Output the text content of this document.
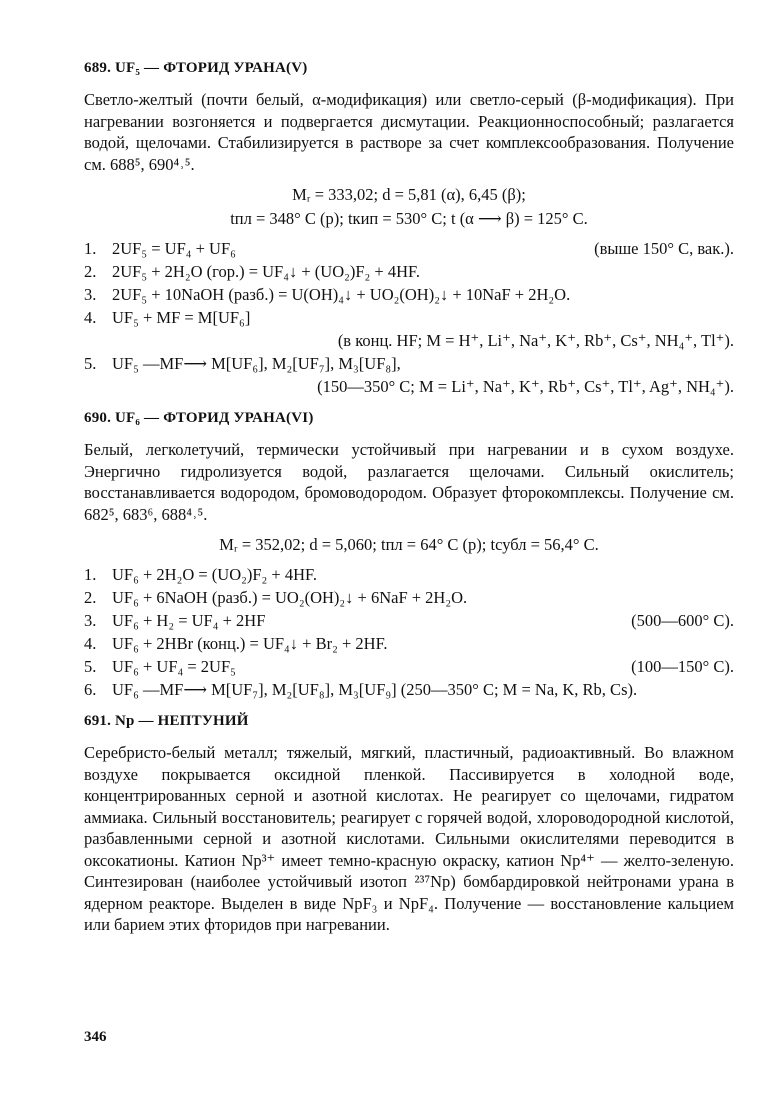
689. UF₅ — ФТОРИД УРАНА(V)

Светло-желтый (почти белый, α-модификация) или светло-серый (β-модификация). При нагревании возгоняется и подвергается дисмутации. Реакционноспособный; разлагается водой, щелочами. Стабилизируется в растворе за счет комплексообразования. Получение см. 688⁵, 690⁴˒⁵.

Mᵣ = 333,02; d = 5,81 (α), 6,45 (β);
tпл = 348° C (p); tкип = 530° C; t (α ⟶ β) = 125° C.
1. 2UF₅ = UF₄ + UF₆	(выше 150° С, вак.).
2. 2UF₅ + 2H₂O (гор.) = UF₄↓ + (UO₂)F₂ + 4HF.
3. 2UF₅ + 10NaOH (разб.) = U(OH)₄↓ + UO₂(OH)₂↓ + 10NaF + 2H₂O.
4. UF₅ + MF = M[UF₆]
(в конц. HF; M = H⁺, Li⁺, Na⁺, K⁺, Rb⁺, Cs⁺, NH₄⁺, Tl⁺).
5. UF₅ —MF⟶ M[UF₆], M₂[UF₇], M₃[UF₈],
(150—350° С; M = Li⁺, Na⁺, K⁺, Rb⁺, Cs⁺, Tl⁺, Ag⁺, NH₄⁺).
690. UF₆ — ФТОРИД УРАНА(VI)

Белый, легколетучий, термически устойчивый при нагревании и в сухом воздухе. Энергично гидролизуется водой, разлагается щелочами. Сильный окислитель; восстанавливается водородом, бромоводородом. Образует фторокомплексы. Получение см. 682⁵, 683⁶, 688⁴˒⁵.

Mᵣ = 352,02; d = 5,060; tпл = 64° C (p); tсубл = 56,4° C.
1. UF₆ + 2H₂O = (UO₂)F₂ + 4HF.
2. UF₆ + 6NaOH (разб.) = UO₂(OH)₂↓ + 6NaF + 2H₂O.
3. UF₆ + H₂ = UF₄ + 2HF	(500—600° С).
4. UF₆ + 2HBr (конц.) = UF₄↓ + Br₂ + 2HF.
5. UF₆ + UF₄ = 2UF₅	(100—150° С).
6. UF₆ —MF⟶ M[UF₇], M₂[UF₈], M₃[UF₉] (250—350° С; M = Na, K, Rb, Cs).
691. Np — НЕПТУНИЙ

Серебристо-белый металл; тяжелый, мягкий, пластичный, радиоактивный. Во влажном воздухе покрывается оксидной пленкой. Пассивируется в холодной воде, концентрированных серной и азотной кислотах. Не реагирует со щелочами, гидратом аммиака. Сильный восстановитель; реагирует с горячей водой, хлороводородной кислотой, разбавленными серной и азотной кислотами. Сильными окислителями переводится в оксокатионы. Катион Np³⁺ имеет темно-красную окраску, катион Np⁴⁺ — желто-зеленую. Синтезирован (наиболее устойчивый изотоп ²³⁷Np) бомбардировкой нейтронами урана в ядерном реакторе. Выделен в виде NpF₃ и NpF₄. Получение — восстановление кальцием или барием этих фторидов при нагревании.

346
